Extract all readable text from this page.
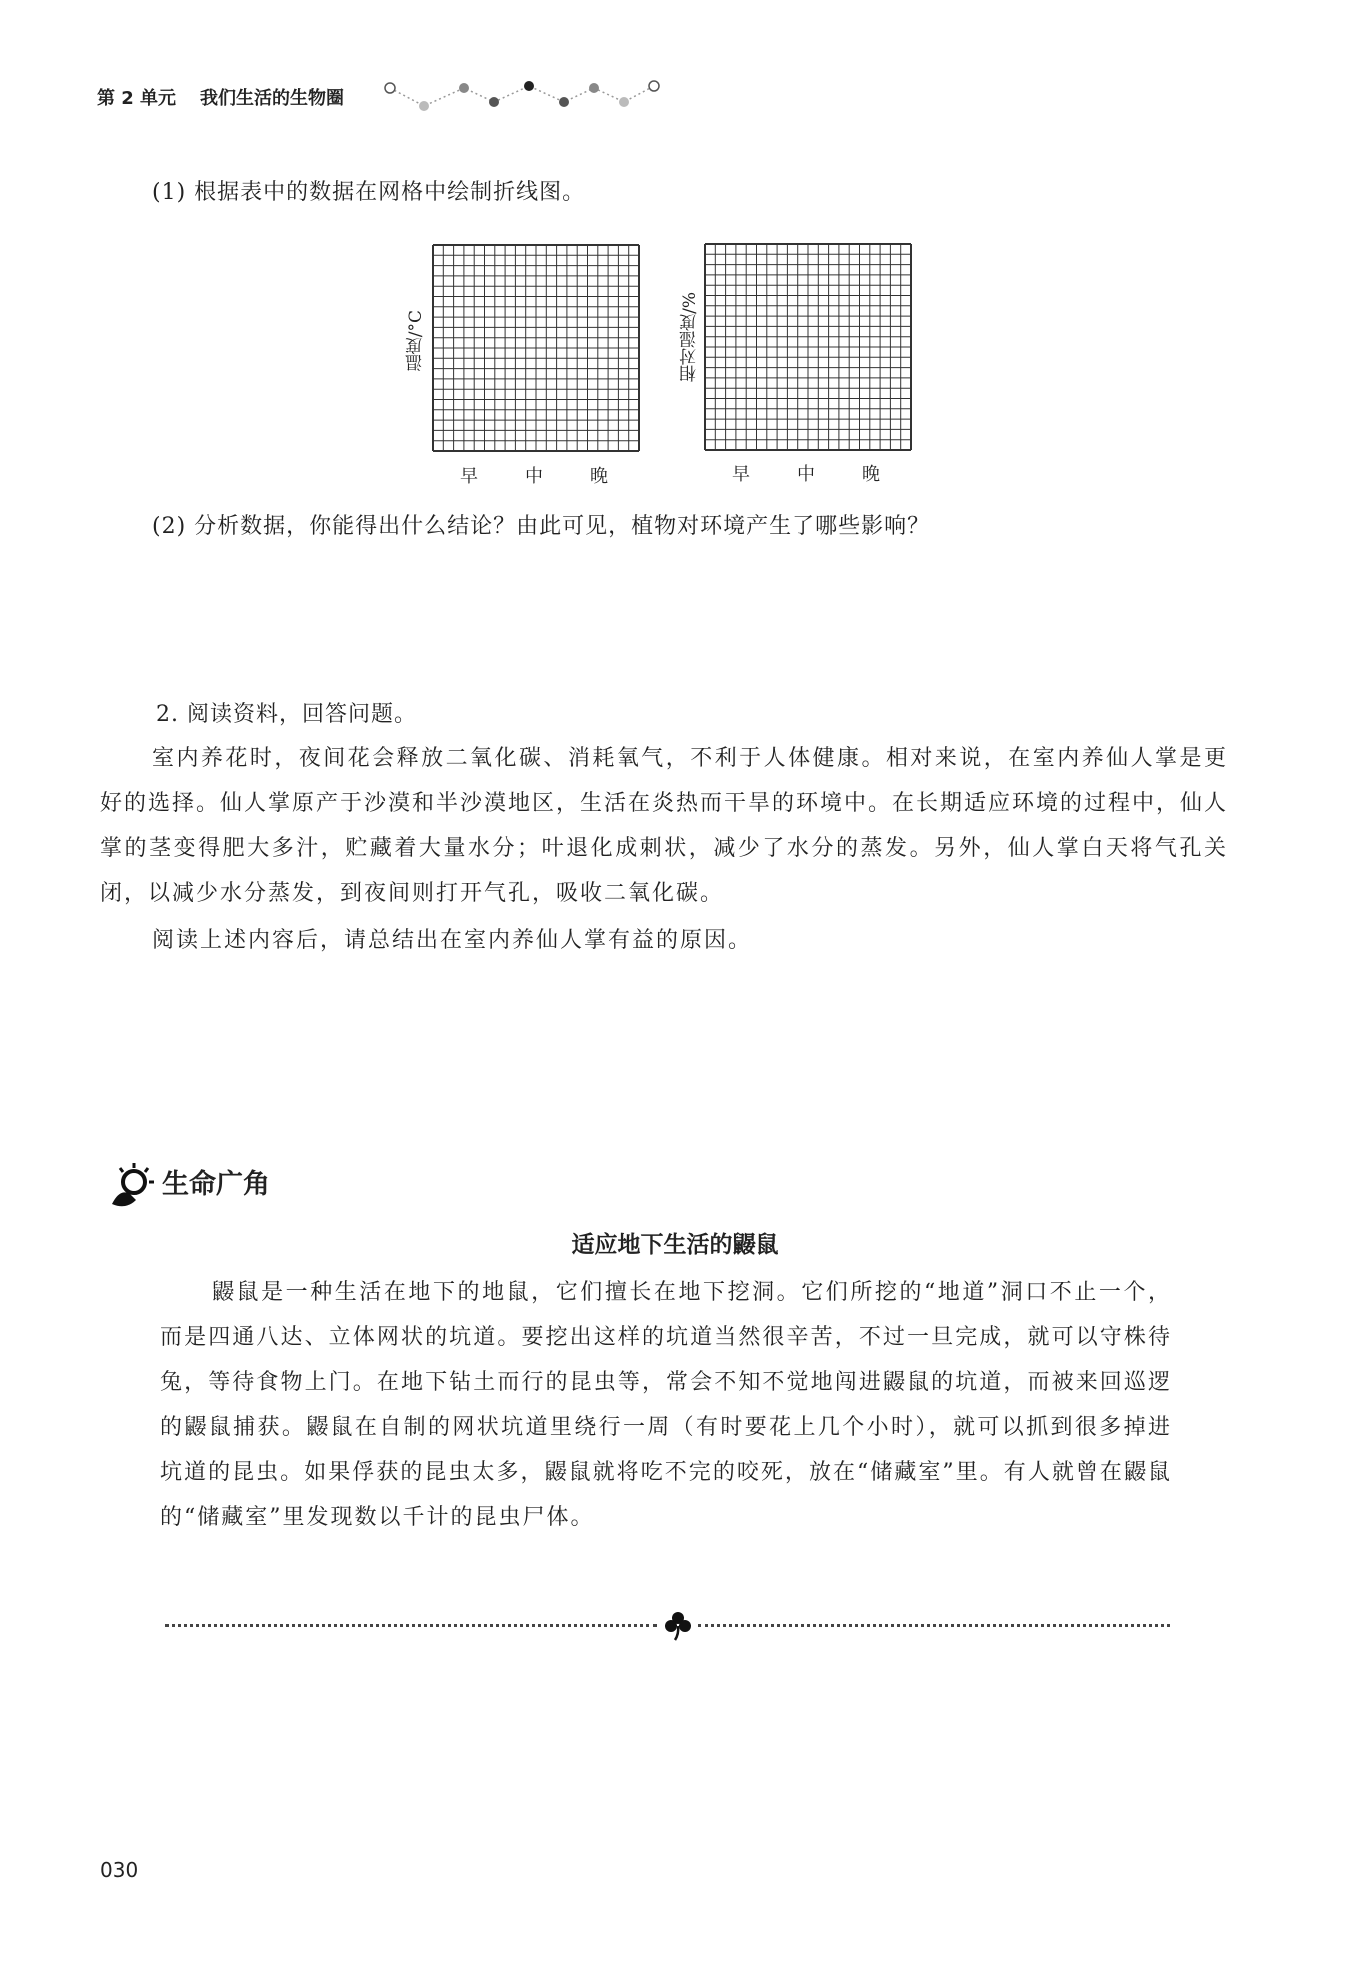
第 2 单元 我们生活的生物圈
(1) 根据表中的数据在网格中绘制折线图。
温度/°C
早	中	晚
相对湿度/%
早	中	晚
(2) 分析数据，你能得出什么结论？由此可见，植物对环境产生了哪些影响？
2. 阅读资料，回答问题。
室内养花时，夜间花会释放二氧化碳、消耗氧气，不利于人体健康。相对来说，在室内养仙人掌是更好的选择。仙人掌原产于沙漠和半沙漠地区，生活在炎热而干旱的环境中。在长期适应环境的过程中，仙人掌的茎变得肥大多汁，贮藏着大量水分；叶退化成刺状，减少了水分的蒸发。另外，仙人掌白天将气孔关闭，以减少水分蒸发，到夜间则打开气孔，吸收二氧化碳。
阅读上述内容后，请总结出在室内养仙人掌有益的原因。
生命广角
适应地下生活的鼹鼠
鼹鼠是一种生活在地下的地鼠，它们擅长在地下挖洞。它们所挖的“地道”洞口不止一个，而是四通八达、立体网状的坑道。要挖出这样的坑道当然很辛苦，不过一旦完成，就可以守株待兔，等待食物上门。在地下钻土而行的昆虫等，常会不知不觉地闯进鼹鼠的坑道，而被来回巡逻的鼹鼠捕获。鼹鼠在自制的网状坑道里绕行一周（有时要花上几个小时），就可以抓到很多掉进坑道的昆虫。如果俘获的昆虫太多，鼹鼠就将吃不完的咬死，放在“储藏室”里。有人就曾在鼹鼠的“储藏室”里发现数以千计的昆虫尸体。
030
